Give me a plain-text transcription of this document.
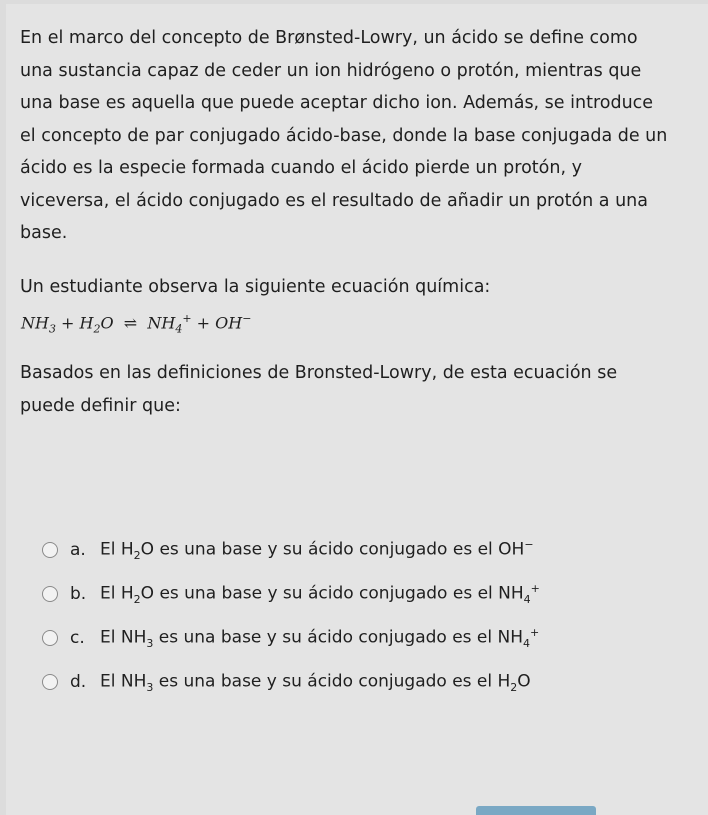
En el marco del concepto de Brønsted-Lowry, un ácido se define como una sustancia capaz de ceder un ion hidrógeno o protón, mientras que una base es aquella que puede aceptar dicho ion. Además, se introduce el concepto de par conjugado ácido-base, donde la base conjugada de un ácido es la especie formada cuando el ácido pierde un protón, y viceversa, el ácido conjugado es el resultado de añadir un protón a una base.
Un estudiante observa la siguiente ecuación química:
$NH_3 + H_2O$ ⇌ $NH_4^+ + OH^-$
Basados en las definiciones de Bronsted-Lowry, de esta ecuación se puede definir que:
a. El $H_2O$ es una base y su ácido conjugado es el OH−
b. El $H_2O$ es una base y su ácido conjugado es el $NH_4^+$
c. El $NH_3$ es una base y su ácido conjugado es el $NH_4^+$
d. El $NH_3$ es una base y su ácido conjugado es el $H_2O$
